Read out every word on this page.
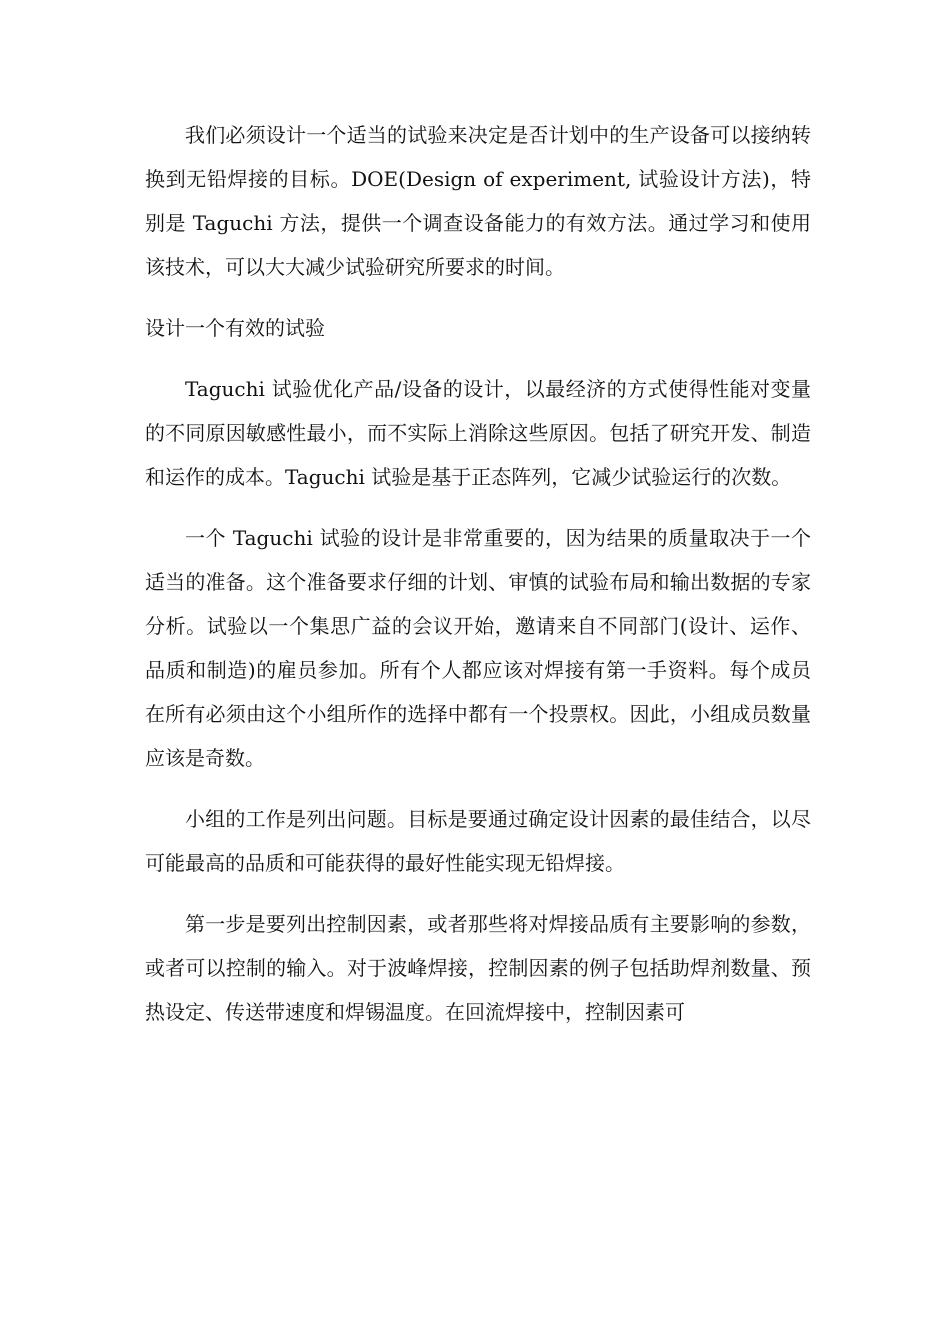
我们必须设计一个适当的试验来决定是否计划中的生产设备可以接纳转换到无铅焊接的目标。DOE(Design of experiment, 试验设计方法)，特别是 Taguchi 方法，提供一个调查设备能力的有效方法。通过学习和使用该技术，可以大大减少试验研究所要求的时间。

设计一个有效的试验

Taguchi 试验优化产品/设备的设计，以最经济的方式使得性能对变量的不同原因敏感性最小，而不实际上消除这些原因。包括了研究开发、制造和运作的成本。Taguchi 试验是基于正态阵列，它减少试验运行的次数。

一个 Taguchi 试验的设计是非常重要的，因为结果的质量取决于一个适当的准备。这个准备要求仔细的计划、审慎的试验布局和输出数据的专家分析。试验以一个集思广益的会议开始，邀请来自不同部门(设计、运作、品质和制造)的雇员参加。所有个人都应该对焊接有第一手资料。每个成员在所有必须由这个小组所作的选择中都有一个投票权。因此，小组成员数量应该是奇数。

小组的工作是列出问题。目标是要通过确定设计因素的最佳结合，以尽可能最高的品质和可能获得的最好性能实现无铅焊接。

第一步是要列出控制因素，或者那些将对焊接品质有主要影响的参数，或者可以控制的输入。对于波峰焊接，控制因素的例子包括助焊剂数量、预热设定、传送带速度和焊锡温度。在回流焊接中，控制因素可
